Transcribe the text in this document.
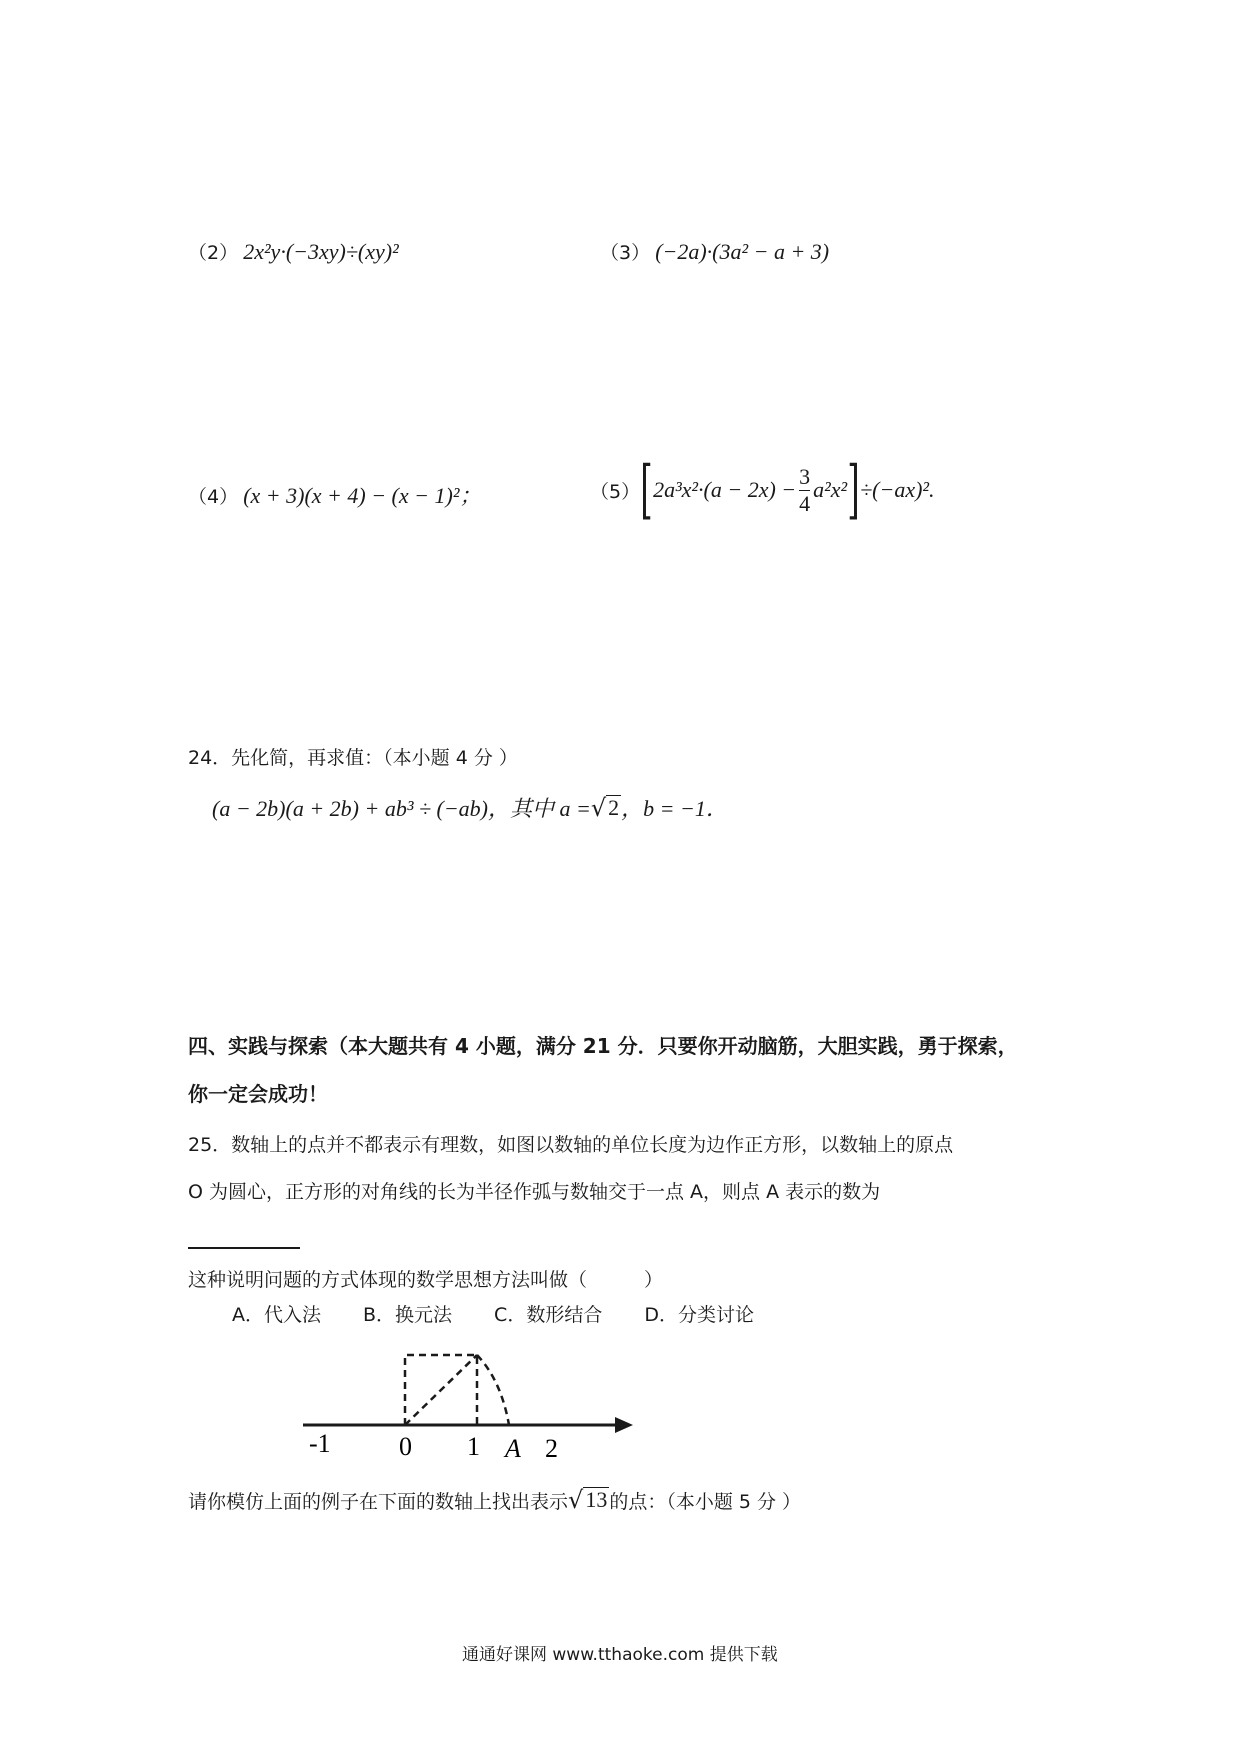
（2） 2x²y·(−3xy)÷(xy)²	（3） (−2a)·(3a² − a + 3)
（4） (x + 3)(x + 4) − (x − 1)²；	（5） [ $2a^3x^2\cdot(a - 2x) - \frac{3}{4} a^2x^2$ ] ÷(−ax)².
24．先化简，再求值：（本小题 4 分 ）
(a − 2b)(a + 2b) + ab³ ÷ (−ab)，其中 a = √ 2 ，b = −1．
四、实践与探索（本大题共有 4 小题，满分 21 分．只要你开动脑筋，大胆实践，勇于探索，
你一定会成功！
25．数轴上的点并不都表示有理数，如图以数轴的单位长度为边作正方形，以数轴上的原点
O 为圆心，正方形的对角线的长为半径作弧与数轴交于一点 A，则点 A 表示的数为
这种说明问题的方式体现的数学思想方法叫做（　　　）
A．代入法 B．换元法 C．数形结合 D．分类讨论
-1	0 1 A 2
请你模仿上面的例子在下面的数轴上找出表示 √ 13 的点：（本小题 5 分 ）
通通好课网 www.tthaoke.com 提供下载
